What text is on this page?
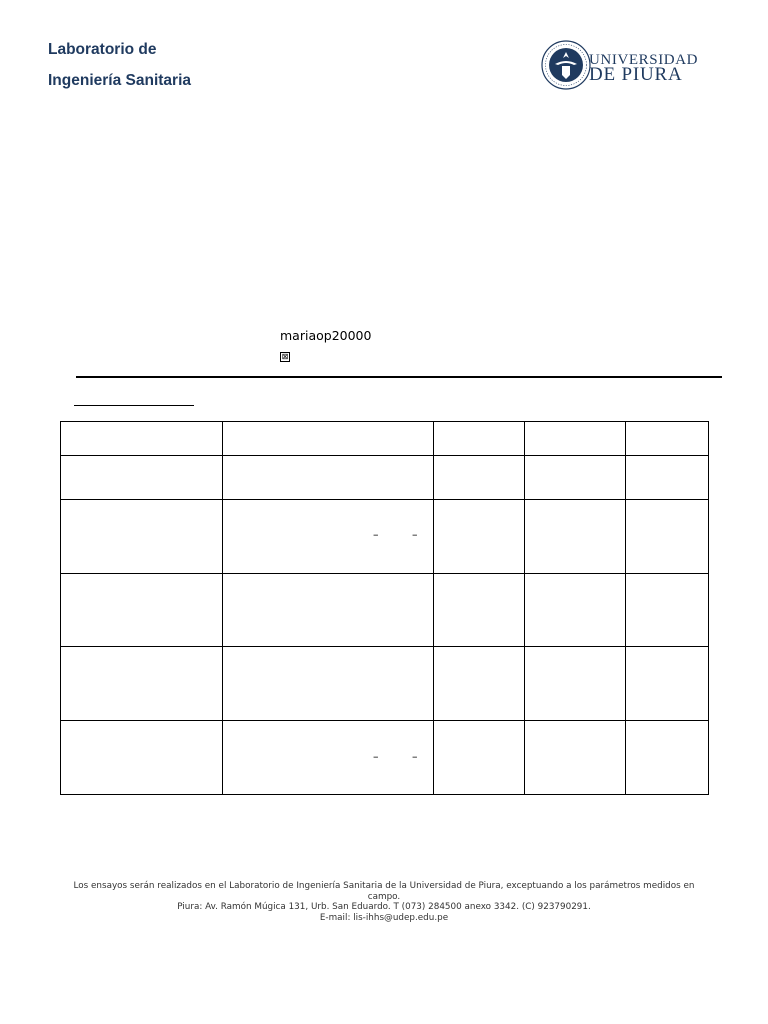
Laboratorio de
Ingeniería Sanitaria
UNIVERSIDAD
DE PIURA
mariaop20000
⊠

	– –			

	– –			

Los ensayos serán realizados en el Laboratorio de Ingeniería Sanitaria de la Universidad de Piura, exceptuando a los parámetros medidos en campo.
Piura: Av. Ramón Múgica 131, Urb. San Eduardo. T (073) 284500 anexo 3342. (C) 923790291.
E-mail: lis-ihhs@udep.edu.pe
